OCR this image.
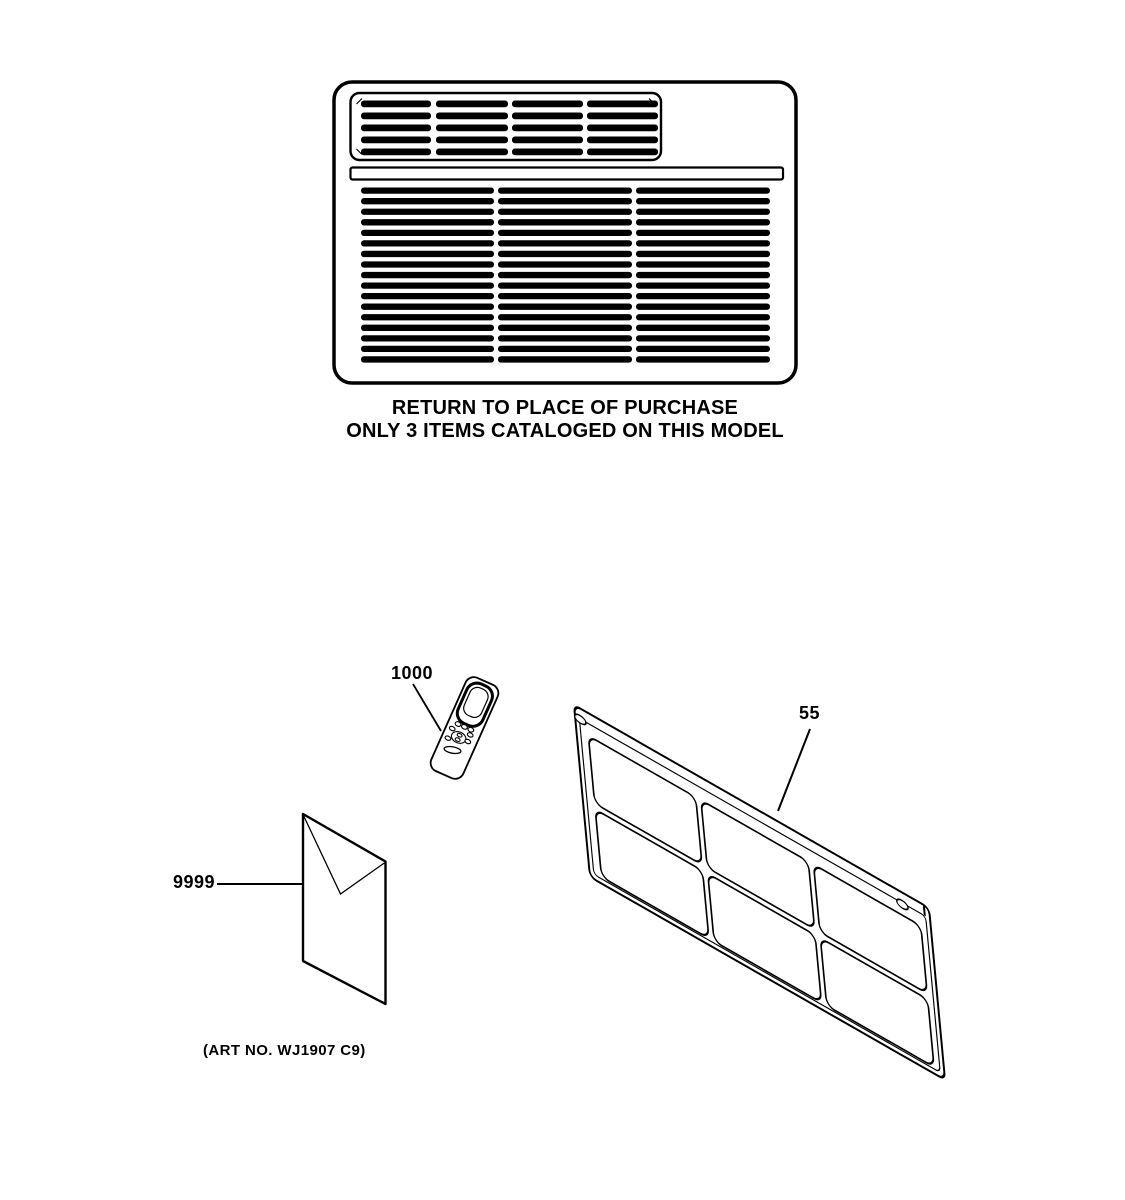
RETURN TO PLACE OF PURCHASE
ONLY 3 ITEMS CATALOGED ON THIS MODEL
1000
9999
55
(ART NO. WJ1907 C9)
